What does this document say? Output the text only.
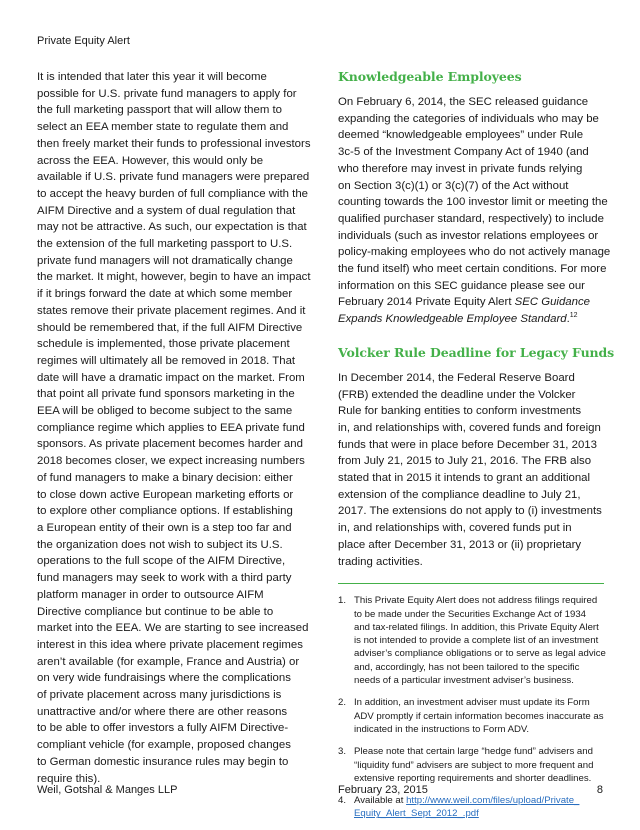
Private Equity Alert

It is intended that later this year it will become
possible for U.S. private fund managers to apply for
the full marketing passport that will allow them to
select an EEA member state to regulate them and
then freely market their funds to professional investors
across the EEA. However, this would only be
available if U.S. private fund managers were prepared
to accept the heavy burden of full compliance with the
AIFM Directive and a system of dual regulation that
may not be attractive. As such, our expectation is that
the extension of the full marketing passport to U.S.
private fund managers will not dramatically change
the market. It might, however, begin to have an impact
if it brings forward the date at which some member
states remove their private placement regimes. And it
should be remembered that, if the full AIFM Directive
schedule is implemented, those private placement
regimes will ultimately all be removed in 2018. That
date will have a dramatic impact on the market. From
that point all private fund sponsors marketing in the
EEA will be obliged to become subject to the same
compliance regime which applies to EEA private fund
sponsors. As private placement becomes harder and
2018 becomes closer, we expect increasing numbers
of fund managers to make a binary decision: either
to close down active European marketing efforts or
to explore other compliance options. If establishing
a European entity of their own is a step too far and
the organization does not wish to subject its U.S.
operations to the full scope of the AIFM Directive,
fund managers may seek to work with a third party
platform manager in order to outsource AIFM
Directive compliance but continue to be able to
market into the EEA. We are starting to see increased
interest in this idea where private placement regimes
aren’t available (for example, France and Austria) or
on very wide fundraisings where the complications
of private placement across many jurisdictions is
unattractive and/or where there are other reasons
to be able to offer investors a fully AIFM Directive-
compliant vehicle (for example, proposed changes
to German domestic insurance rules may begin to
require this).

Knowledgeable Employees

On February 6, 2014, the SEC released guidance
expanding the categories of individuals who may be
deemed “knowledgeable employees” under Rule
3c-5 of the Investment Company Act of 1940 (and
who therefore may invest in private funds relying
on Section 3(c)(1) or 3(c)(7) of the Act without
counting towards the 100 investor limit or meeting the
qualified purchaser standard, respectively) to include
individuals (such as investor relations employees or
policy-making employees who do not actively manage
the fund itself) who meet certain conditions. For more
information on this SEC guidance please see our
February 2014 Private Equity Alert SEC Guidance
Expands Knowledgeable Employee Standard.$^{12}$

Volcker Rule Deadline for Legacy Funds

In December 2014, the Federal Reserve Board
(FRB) extended the deadline under the Volcker
Rule for banking entities to conform investments
in, and relationships with, covered funds and foreign
funds that were in place before December 31, 2013
from July 21, 2015 to July 21, 2016. The FRB also
stated that in 2015 it intends to grant an additional
extension of the compliance deadline to July 21,
2017. The extensions do not apply to (i) investments
in, and relationships with, covered funds put in
place after December 31, 2013 or (ii) proprietary
trading activities.

1. This Private Equity Alert does not address filings required
to be made under the Securities Exchange Act of 1934
and tax-related filings. In addition, this Private Equity Alert
is not intended to provide a complete list of an investment
adviser’s compliance obligations or to serve as legal advice
and, accordingly, has not been tailored to the specific
needs of a particular investment adviser’s business.
2. In addition, an investment adviser must update its Form
ADV promptly if certain information becomes inaccurate as
indicated in the instructions to Form ADV.
3. Please note that certain large “hedge fund” advisers and
“liquidity fund” advisers are subject to more frequent and
extensive reporting requirements and shorter deadlines.
4. Available at http://www.weil.com/files/upload/Private_
Equity_Alert_Sept_2012_.pdf
Weil, Gotshal & Manges LLP	February 23, 2015	8
